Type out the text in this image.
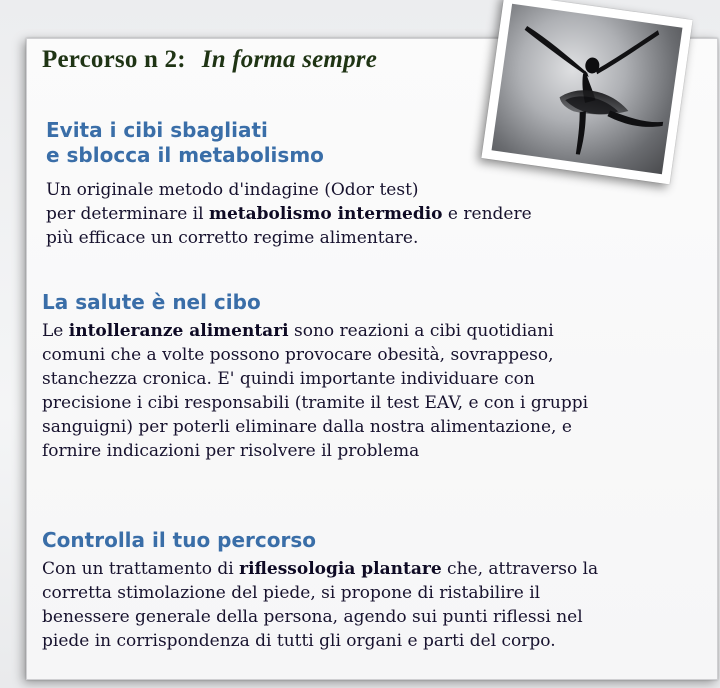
Percorso n 2: In forma sempre
Evita i cibi sbagliati
e sblocca il metabolismo

Un originale metodo d'indagine (Odor test)
per determinare il metabolismo intermedio e rendere
più efficace un corretto regime alimentare.

La salute è nel cibo

Le intolleranze alimentari sono reazioni a cibi quotidiani
comuni che a volte possono provocare obesità, sovrappeso,
stanchezza cronica. E' quindi importante individuare con
precisione i cibi responsabili (tramite il test EAV, e con i gruppi
sanguigni) per poterli eliminare dalla nostra alimentazione, e
fornire indicazioni per risolvere il problema

Controlla il tuo percorso

Con un trattamento di riflessologia plantare che, attraverso la
corretta stimolazione del piede, si propone di ristabilire il
benessere generale della persona, agendo sui punti riflessi nel
piede in corrispondenza di tutti gli organi e parti del corpo.
